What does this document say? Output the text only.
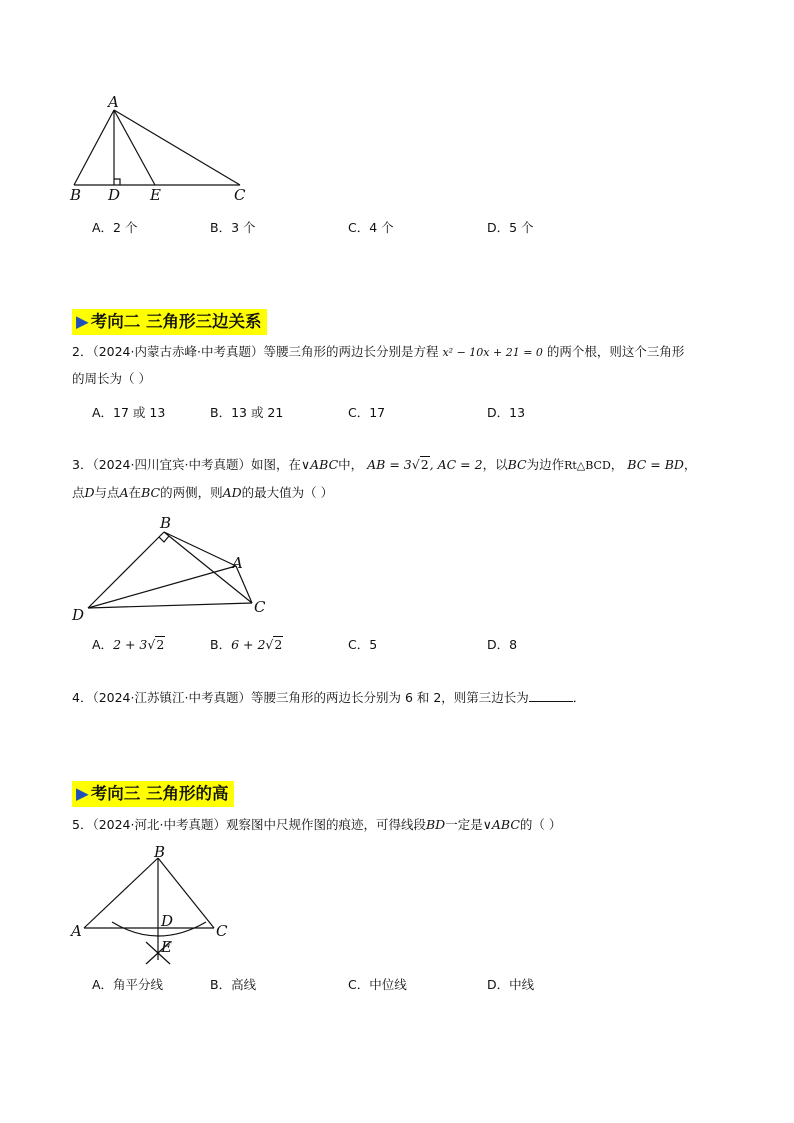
A
B D E	C
A．2 个	B．3 个	C．4 个	D．5 个
▶ 考向二 三角形三边关系
2．（2024·内蒙古赤峰·中考真题）等腰三角形的两边长分别是方程 x² − 10x + 21 = 0 的两个根，则这个三角形
的周长为（ ）
A．17 或 13	B．13 或 21	C．17	D．13
3．（2024·四川宜宾·中考真题）如图，在∨ABC中， AB = 3√2, AC = 2，以BC为边作Rt△BCD， BC = BD，
点D与点A在BC的两侧，则AD的最大值为（ ）
B
A
D	C
A．2 + 3√2	B．6 + 2√2	C．5	D．8
4．（2024·江苏镇江·中考真题）等腰三角形的两边长分别为 6 和 2，则第三边长为	．
▶ 考向三 三角形的高
5．（2024·河北·中考真题）观察图中尺规作图的痕迹，可得线段BD一定是∨ABC的（ ）
B
A
D
C
E
A．角平分线	B．高线	C．中位线	D．中线
